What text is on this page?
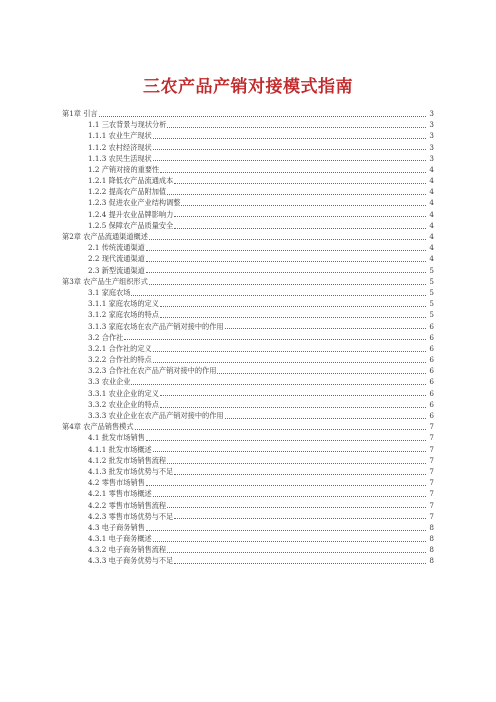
三农产品产销对接模式指南
第1章 引言	3
1.1 三农背景与现状分析	3
1.1.1 农业生产现状	3
1.1.2 农村经济现状	3
1.1.3 农民生活现状	3
1.2 产销对接的重要性	4
1.2.1 降低农产品流通成本	4
1.2.2 提高农产品附加值	4
1.2.3 促进农业产业结构调整	4
1.2.4 提升农业品牌影响力	4
1.2.5 保障农产品质量安全	4
第2章 农产品流通渠道概述	4
2.1 传统流通渠道	4
2.2 现代流通渠道	4
2.3 新型流通渠道	5
第3章 农产品生产组织形式	5
3.1 家庭农场	5
3.1.1 家庭农场的定义	5
3.1.2 家庭农场的特点	5
3.1.3 家庭农场在农产品产销对接中的作用	6
3.2 合作社	6
3.2.1 合作社的定义	6
3.2.2 合作社的特点	6
3.2.3 合作社在农产品产销对接中的作用	6
3.3 农业企业	6
3.3.1 农业企业的定义	6
3.3.2 农业企业的特点	6
3.3.3 农业企业在农产品产销对接中的作用	6
第4章 农产品销售模式	7
4.1 批发市场销售	7
4.1.1 批发市场概述	7
4.1.2 批发市场销售流程	7
4.1.3 批发市场优势与不足	7
4.2 零售市场销售	7
4.2.1 零售市场概述	7
4.2.2 零售市场销售流程	7
4.2.3 零售市场优势与不足	7
4.3 电子商务销售	8
4.3.1 电子商务概述	8
4.3.2 电子商务销售流程	8
4.3.3 电子商务优势与不足	8
